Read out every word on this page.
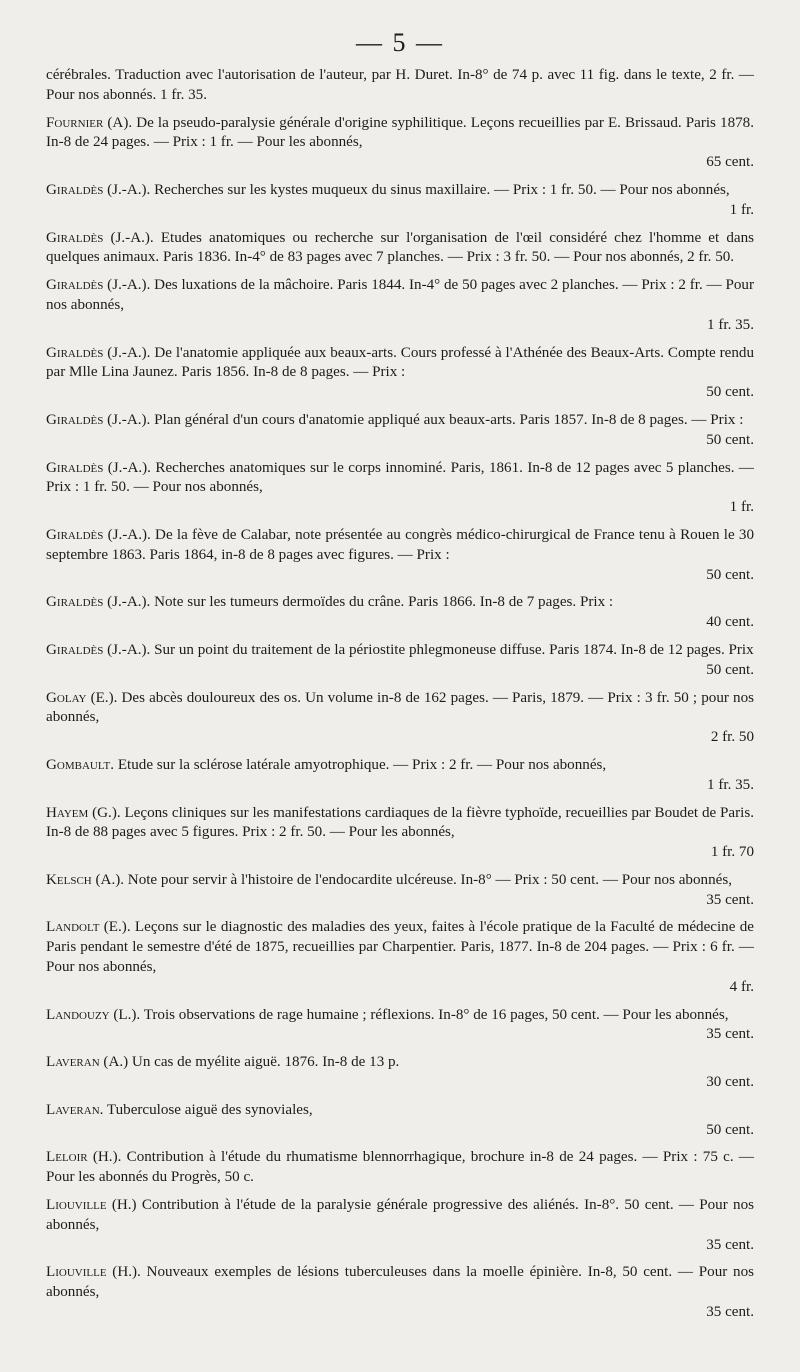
— 5 —

cérébrales. Traduction avec l'autorisation de l'auteur, par H. Duret. In-8° de 74 p. avec 11 fig. dans le texte, 2 fr. — Pour nos abonnés. 1 fr. 35.

Fournier (A). De la pseudo-paralysie générale d'origine syphilitique. Leçons recueillies par E. Brissaud. Paris 1878. In-8 de 24 pages. — Prix : 1 fr. — Pour les abonnés,
65 cent.

Giraldès (J.-A.). Recherches sur les kystes muqueux du sinus maxillaire. — Prix : 1 fr. 50. — Pour nos abonnés,
1 fr.

Giraldès (J.-A.). Etudes anatomiques ou recherche sur l'organisation de l'œil considéré chez l'homme et dans quelques animaux. Paris 1836. In-4° de 83 pages avec 7 planches. — Prix : 3 fr. 50. — Pour nos abonnés, 2 fr. 50.

Giraldès (J.-A.). Des luxations de la mâchoire. Paris 1844. In-4° de 50 pages avec 2 planches. — Prix : 2 fr. — Pour nos abonnés,
1 fr. 35.

Giraldès (J.-A.). De l'anatomie appliquée aux beaux-arts. Cours professé à l'Athénée des Beaux-Arts. Compte rendu par Mlle Lina Jaunez. Paris 1856. In-8 de 8 pages. — Prix :
50 cent.

Giraldès (J.-A.). Plan général d'un cours d'anatomie appliqué aux beaux-arts. Paris 1857. In-8 de 8 pages. — Prix :
50 cent.

Giraldès (J.-A.). Recherches anatomiques sur le corps innominé. Paris, 1861. In-8 de 12 pages avec 5 planches. — Prix : 1 fr. 50. — Pour nos abonnés,
1 fr.

Giraldès (J.-A.). De la fève de Calabar, note présentée au congrès médico-chirurgical de France tenu à Rouen le 30 septembre 1863. Paris 1864, in-8 de 8 pages avec figures. — Prix :
50 cent.

Giraldès (J.-A.). Note sur les tumeurs dermoïdes du crâne. Paris 1866. In-8 de 7 pages. Prix :
40 cent.

Giraldès (J.-A.). Sur un point du traitement de la périostite phlegmoneuse diffuse. Paris 1874. In-8 de 12 pages. Prix
50 cent.

Golay (E.). Des abcès douloureux des os. Un volume in-8 de 162 pages. — Paris, 1879. — Prix : 3 fr. 50 ; pour nos abonnés,
2 fr. 50

Gombault. Etude sur la sclérose latérale amyotrophique. — Prix : 2 fr. — Pour nos abonnés,
1 fr. 35.

Hayem (G.). Leçons cliniques sur les manifestations cardiaques de la fièvre typhoïde, recueillies par Boudet de Paris. In-8 de 88 pages avec 5 figures. Prix : 2 fr. 50. — Pour les abonnés,
1 fr. 70

Kelsch (A.). Note pour servir à l'histoire de l'endocardite ulcéreuse. In-8° — Prix : 50 cent. — Pour nos abonnés,
35 cent.

Landolt (E.). Leçons sur le diagnostic des maladies des yeux, faites à l'école pratique de la Faculté de médecine de Paris pendant le semestre d'été de 1875, recueillies par Charpentier. Paris, 1877. In-8 de 204 pages. — Prix : 6 fr. — Pour nos abonnés,
4 fr.

Landouzy (L.). Trois observations de rage humaine ; réflexions. In-8° de 16 pages, 50 cent. — Pour les abonnés,
35 cent.

Laveran (A.) Un cas de myélite aiguë. 1876. In-8 de 13 p.
30 cent.

Laveran. Tuberculose aiguë des synoviales,
50 cent.

Leloir (H.). Contribution à l'étude du rhumatisme blennorrhagique, brochure in-8 de 24 pages. — Prix : 75 c. — Pour les abonnés du Progrès, 50 c.

Liouville (H.) Contribution à l'étude de la paralysie générale progressive des aliénés. In-8°. 50 cent. — Pour nos abonnés,
35 cent.

Liouville (H.). Nouveaux exemples de lésions tuberculeuses dans la moelle épinière. In-8, 50 cent. — Pour nos abonnés,
35 cent.
